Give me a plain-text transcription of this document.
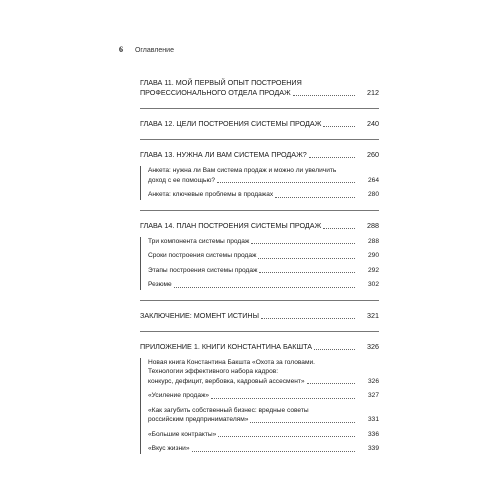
6 Оглавление
ГЛАВА 11. МОЙ ПЕРВЫЙ ОПЫТ ПОСТРОЕНИЯ
ПРОФЕССИОНАЛЬНОГО ОТДЕЛА ПРОДАЖ	212
ГЛАВА 12. ЦЕЛИ ПОСТРОЕНИЯ СИСТЕМЫ ПРОДАЖ	240
ГЛАВА 13. НУЖНА ЛИ ВАМ СИСТЕМА ПРОДАЖ?	260
Анкета: нужна ли Вам система продаж и можно ли увеличить
доход с ее помощью?	264
Анкета: ключевые проблемы в продажах	280
ГЛАВА 14. ПЛАН ПОСТРОЕНИЯ СИСТЕМЫ ПРОДАЖ	288
Три компонента системы продаж	288
Сроки построения системы продаж	290
Этапы построения системы продаж	292
Резюме	302
ЗАКЛЮЧЕНИЕ: МОМЕНТ ИСТИНЫ	321
ПРИЛОЖЕНИЕ 1. КНИГИ КОНСТАНТИНА БАКШТА	326
Новая книга Константина Бакшта «Охота за головами.
Технологии эффективного набора кадров:
конкурс, дефицит, вербовка, кадровый ассесмент»	326
«Усиление продаж»	327
«Как загубить собственный бизнес: вредные советы
российским предпринимателям»	331
«Большие контракты»	336
«Вкус жизни»	339
